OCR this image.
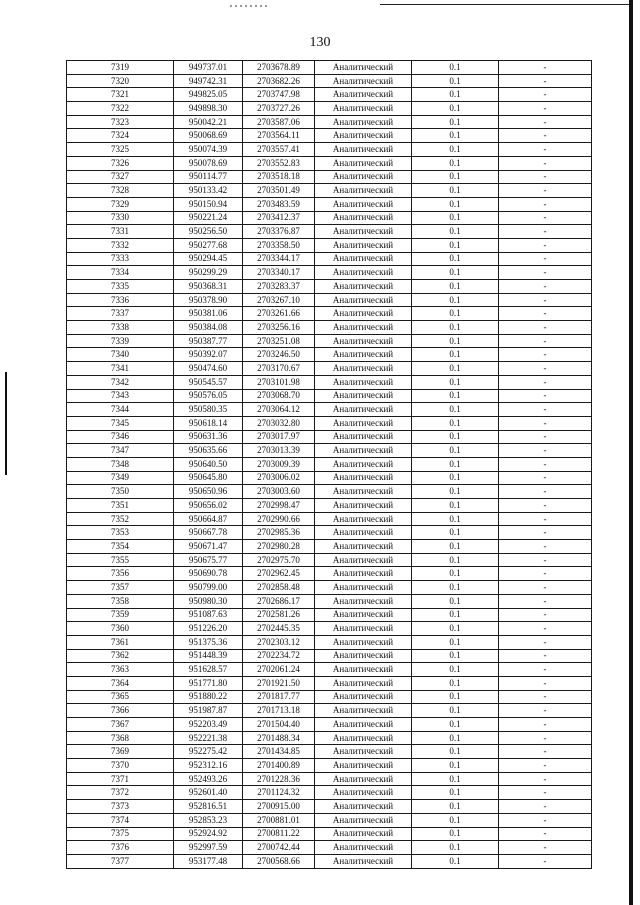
130
7319	949737.01	2703678.89	Аналитический	0.1	-
7320	949742.31	2703682.26	Аналитический	0.1	-
7321	949825.05	2703747.98	Аналитический	0.1	-
7322	949898.30	2703727.26	Аналитический	0.1	-
7323	950042.21	2703587.06	Аналитический	0.1	-
7324	950068.69	2703564.11	Аналитический	0.1	-
7325	950074.39	2703557.41	Аналитический	0.1	-
7326	950078.69	2703552.83	Аналитический	0.1	-
7327	950114.77	2703518.18	Аналитический	0.1	-
7328	950133.42	2703501.49	Аналитический	0.1	-
7329	950150.94	2703483.59	Аналитический	0.1	-
7330	950221.24	2703412.37	Аналитический	0.1	-
7331	950256.50	2703376.87	Аналитический	0.1	-
7332	950277.68	2703358.50	Аналитический	0.1	-
7333	950294.45	2703344.17	Аналитический	0.1	-
7334	950299.29	2703340.17	Аналитический	0.1	-
7335	950368.31	2703283.37	Аналитический	0.1	-
7336	950378.90	2703267.10	Аналитический	0.1	-
7337	950381.06	2703261.66	Аналитический	0.1	-
7338	950384.08	2703256.16	Аналитический	0.1	-
7339	950387.77	2703251.08	Аналитический	0.1	-
7340	950392.07	2703246.50	Аналитический	0.1	-
7341	950474.60	2703170.67	Аналитический	0.1	-
7342	950545.57	2703101.98	Аналитический	0.1	-
7343	950576.05	2703068.70	Аналитический	0.1	-
7344	950580.35	2703064.12	Аналитический	0.1	-
7345	950618.14	2703032.80	Аналитический	0.1	-
7346	950631.36	2703017.97	Аналитический	0.1	-
7347	950635.66	2703013.39	Аналитический	0.1	-
7348	950640.50	2703009.39	Аналитический	0.1	-
7349	950645.80	2703006.02	Аналитический	0.1	-
7350	950650.96	2703003.60	Аналитический	0.1	-
7351	950656.02	2702998.47	Аналитический	0.1	-
7352	950664.87	2702990.66	Аналитический	0.1	-
7353	950667.78	2702985.36	Аналитический	0.1	-
7354	950671.47	2702980.28	Аналитический	0.1	-
7355	950675.77	2702975.70	Аналитический	0.1	-
7356	950690.78	2702962.45	Аналитический	0.1	-
7357	950799.00	2702858.48	Аналитический	0.1	-
7358	950980.30	2702686.17	Аналитический	0.1	-
7359	951087.63	2702581.26	Аналитический	0.1	-
7360	951226.20	2702445.35	Аналитический	0.1	-
7361	951375.36	2702303.12	Аналитический	0.1	-
7362	951448.39	2702234.72	Аналитический	0.1	-
7363	951628.57	2702061.24	Аналитический	0.1	-
7364	951771.80	2701921.50	Аналитический	0.1	-
7365	951880.22	2701817.77	Аналитический	0.1	-
7366	951987.87	2701713.18	Аналитический	0.1	-
7367	952203.49	2701504.40	Аналитический	0.1	-
7368	952221.38	2701488.34	Аналитический	0.1	-
7369	952275.42	2701434.85	Аналитический	0.1	-
7370	952312.16	2701400.89	Аналитический	0.1	-
7371	952493.26	2701228.36	Аналитический	0.1	-
7372	952601.40	2701124.32	Аналитический	0.1	-
7373	952816.51	2700915.00	Аналитический	0.1	-
7374	952853.23	2700881.01	Аналитический	0.1	-
7375	952924.92	2700811.22	Аналитический	0.1	-
7376	952997.59	2700742.44	Аналитический	0.1	-
7377	953177.48	2700568.66	Аналитический	0.1	-
